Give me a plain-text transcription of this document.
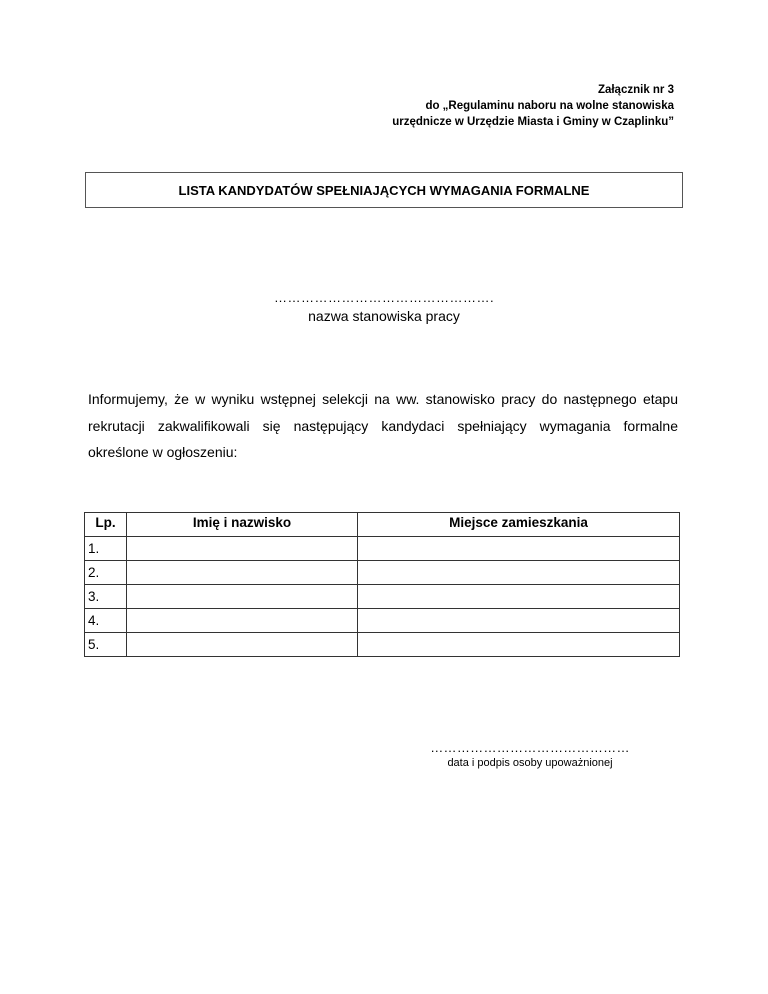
Załącznik nr 3
do „Regulaminu naboru na wolne stanowiska
urzędnicze w Urzędzie Miasta i Gminy w Czaplinku”
LISTA KANDYDATÓW SPEŁNIAJĄCYCH WYMAGANIA FORMALNE
………………………………………….
nazwa stanowiska pracy
Informujemy, że w wyniku wstępnej selekcji na ww. stanowisko pracy do następnego etapu rekrutacji zakwalifikowali się następujący kandydaci spełniający wymagania formalne określone w ogłoszeniu:
Lp.	Imię i nazwisko	Miejsce zamieszkania
1.		
2.		
3.		
4.		
5.		
………………………………………
data i podpis osoby upoważnionej
